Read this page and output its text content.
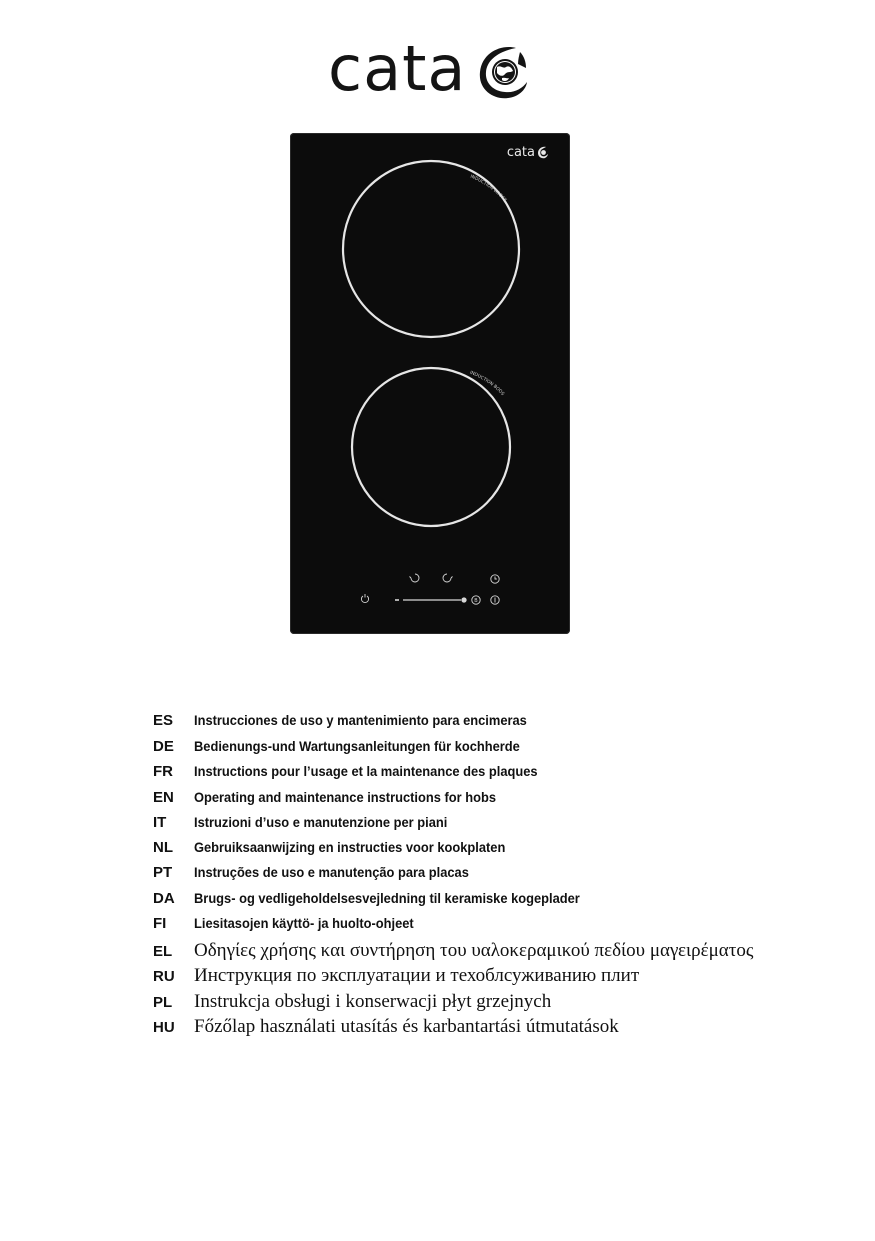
cata
cata
INDUCTION BOOST
INDUCTION BOOS
B
ES	Instrucciones de uso y mantenimiento para encimeras
DE	Bedienungs-und Wartungsanleitungen für kochherde
FR	Instructions pour l’usage et la maintenance des plaques
EN	Operating and maintenance instructions for hobs
IT	Istruzioni d’uso e manutenzione per piani
NL	Gebruiksaanwijzing en instructies voor kookplaten
PT	Instruções de uso e manutenção para placas
DA	Brugs- og vedligeholdelsesvejledning til keramiske kogeplader
FI	Liesitasojen käyttö- ja huolto-ohjeet
EL	Οδηγίες χρήσης και συντήρηση του υαλοκεραμικού πεδίου μαγειρέματος
RU	Инструкция по эксплуатации и техоблсуживанию плит
PL	Instrukcja obsługi i konserwacji płyt grzejnych
HU	Főzőlap használati utasítás és karbantartási útmutatások
